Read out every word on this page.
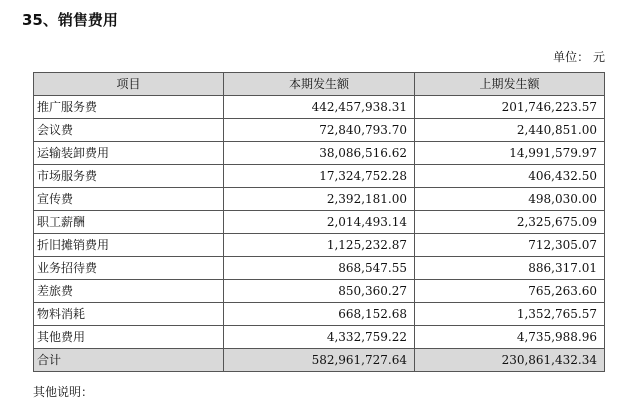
35、销售费用
单位： 元
项目	本期发生额	上期发生额
推广服务费	442,457,938.31	201,746,223.57
会议费	72,840,793.70	2,440,851.00
运输装卸费用	38,086,516.62	14,991,579.97
市场服务费	17,324,752.28	406,432.50
宣传费	2,392,181.00	498,030.00
职工薪酬	2,014,493.14	2,325,675.09
折旧摊销费用	1,125,232.87	712,305.07
业务招待费	868,547.55	886,317.01
差旅费	850,360.27	765,263.60
物料消耗	668,152.68	1,352,765.57
其他费用	4,332,759.22	4,735,988.96
合计	582,961,727.64	230,861,432.34
其他说明：
